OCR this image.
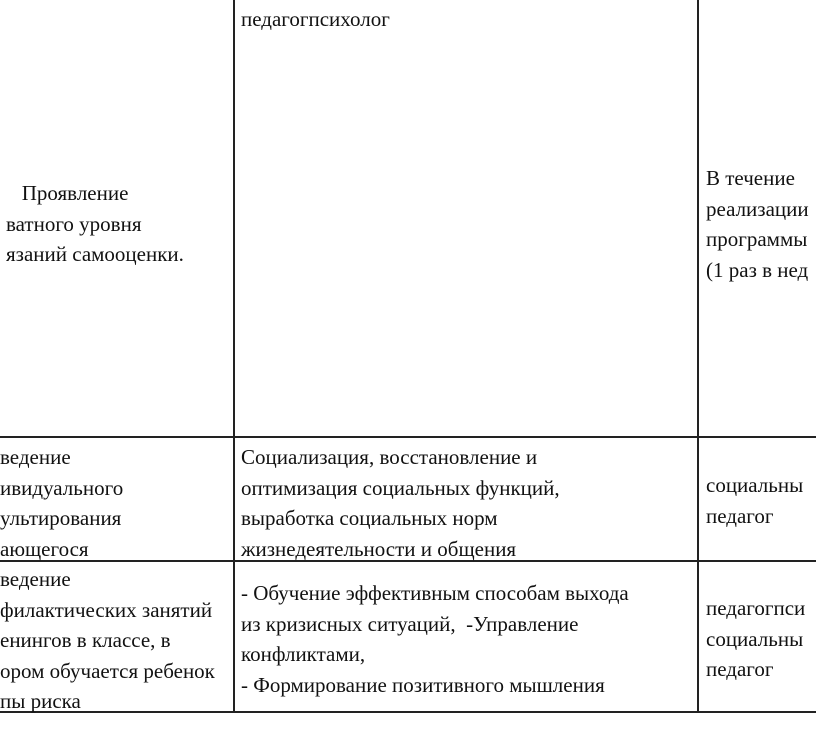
Проявление
ватного уровня
язаний самооценки.
педагогпсихолог
В течение
реализации
программы
(1 раз в нед
ведение
ивидуального
ультирования
ающегося
Социализация, восстановление и
оптимизация социальных функций,
выработка социальных норм
жизнедеятельности и общения
социальны
педагог
ведение
филактических занятий
енингов в классе, в
ором обучается ребенок
пы риска
- Обучение эффективным способам выхода
из кризисных ситуаций,  -Управление
конфликтами,
- Формирование позитивного мышления
педагогпси
социальны
педагог
